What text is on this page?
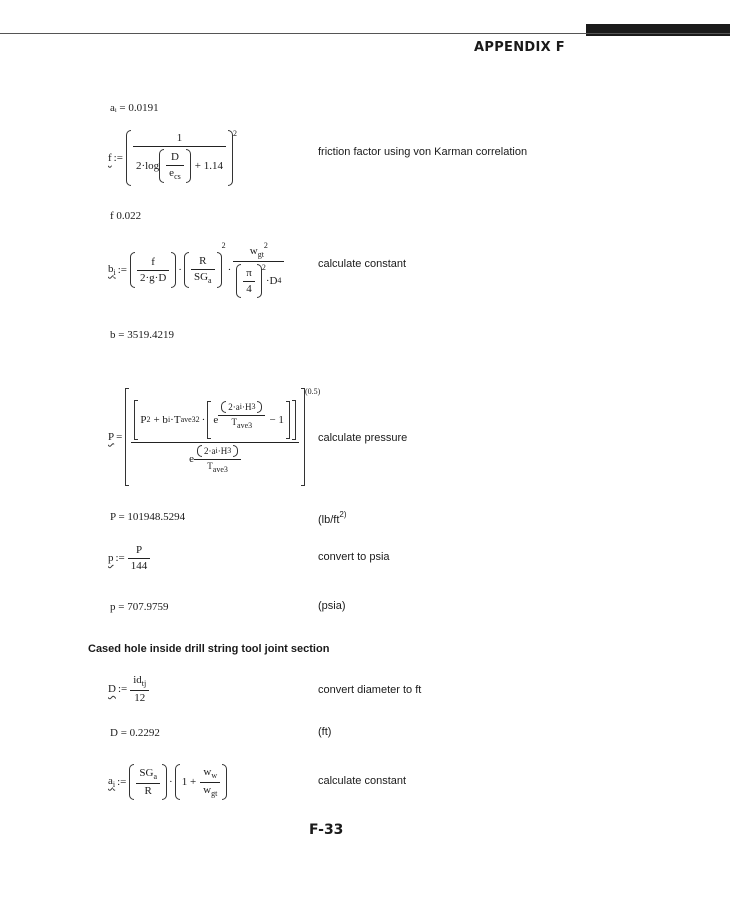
APPENDIX F
aᵢ = 0.0191
f :=
1
$2\cdot\log \frac{D}{e_{cs}} + 1.14$
2
friction factor using von Karman correlation
f 0.022
$b_i$ := $\frac{f}{2\cdot g\cdot D} \cdot \frac{R}{SG_a}$
2
· $w_{gt}^2$
$\frac{\pi}{4} 2$
·D 4	calculate constant
b = 3519.4219
P =
P 2 + b i ·T ave3 2 · e $\frac{\text{2·a i ·H 3}}{\text{Tave3}} - 1$
e $\frac{\text{2·a i ·H 3}}{\text{Tave3}}$
(0.5)
calculate pressure
P = 10194​8.5294	($lb/ft^{2)}$
p := $\frac{P}{144}$	convert to psia
p = 707.9759	(psia)
Cased hole inside drill string tool joint section
D := $\frac{id_{tj}}{12}$	convert diameter to ft
D = 0.2292	(ft)
$a_i$ := $\frac{SG_a}{R} \cdot 1 + \frac{w_w}{w_{gt}}$	calculate constant
F-33
